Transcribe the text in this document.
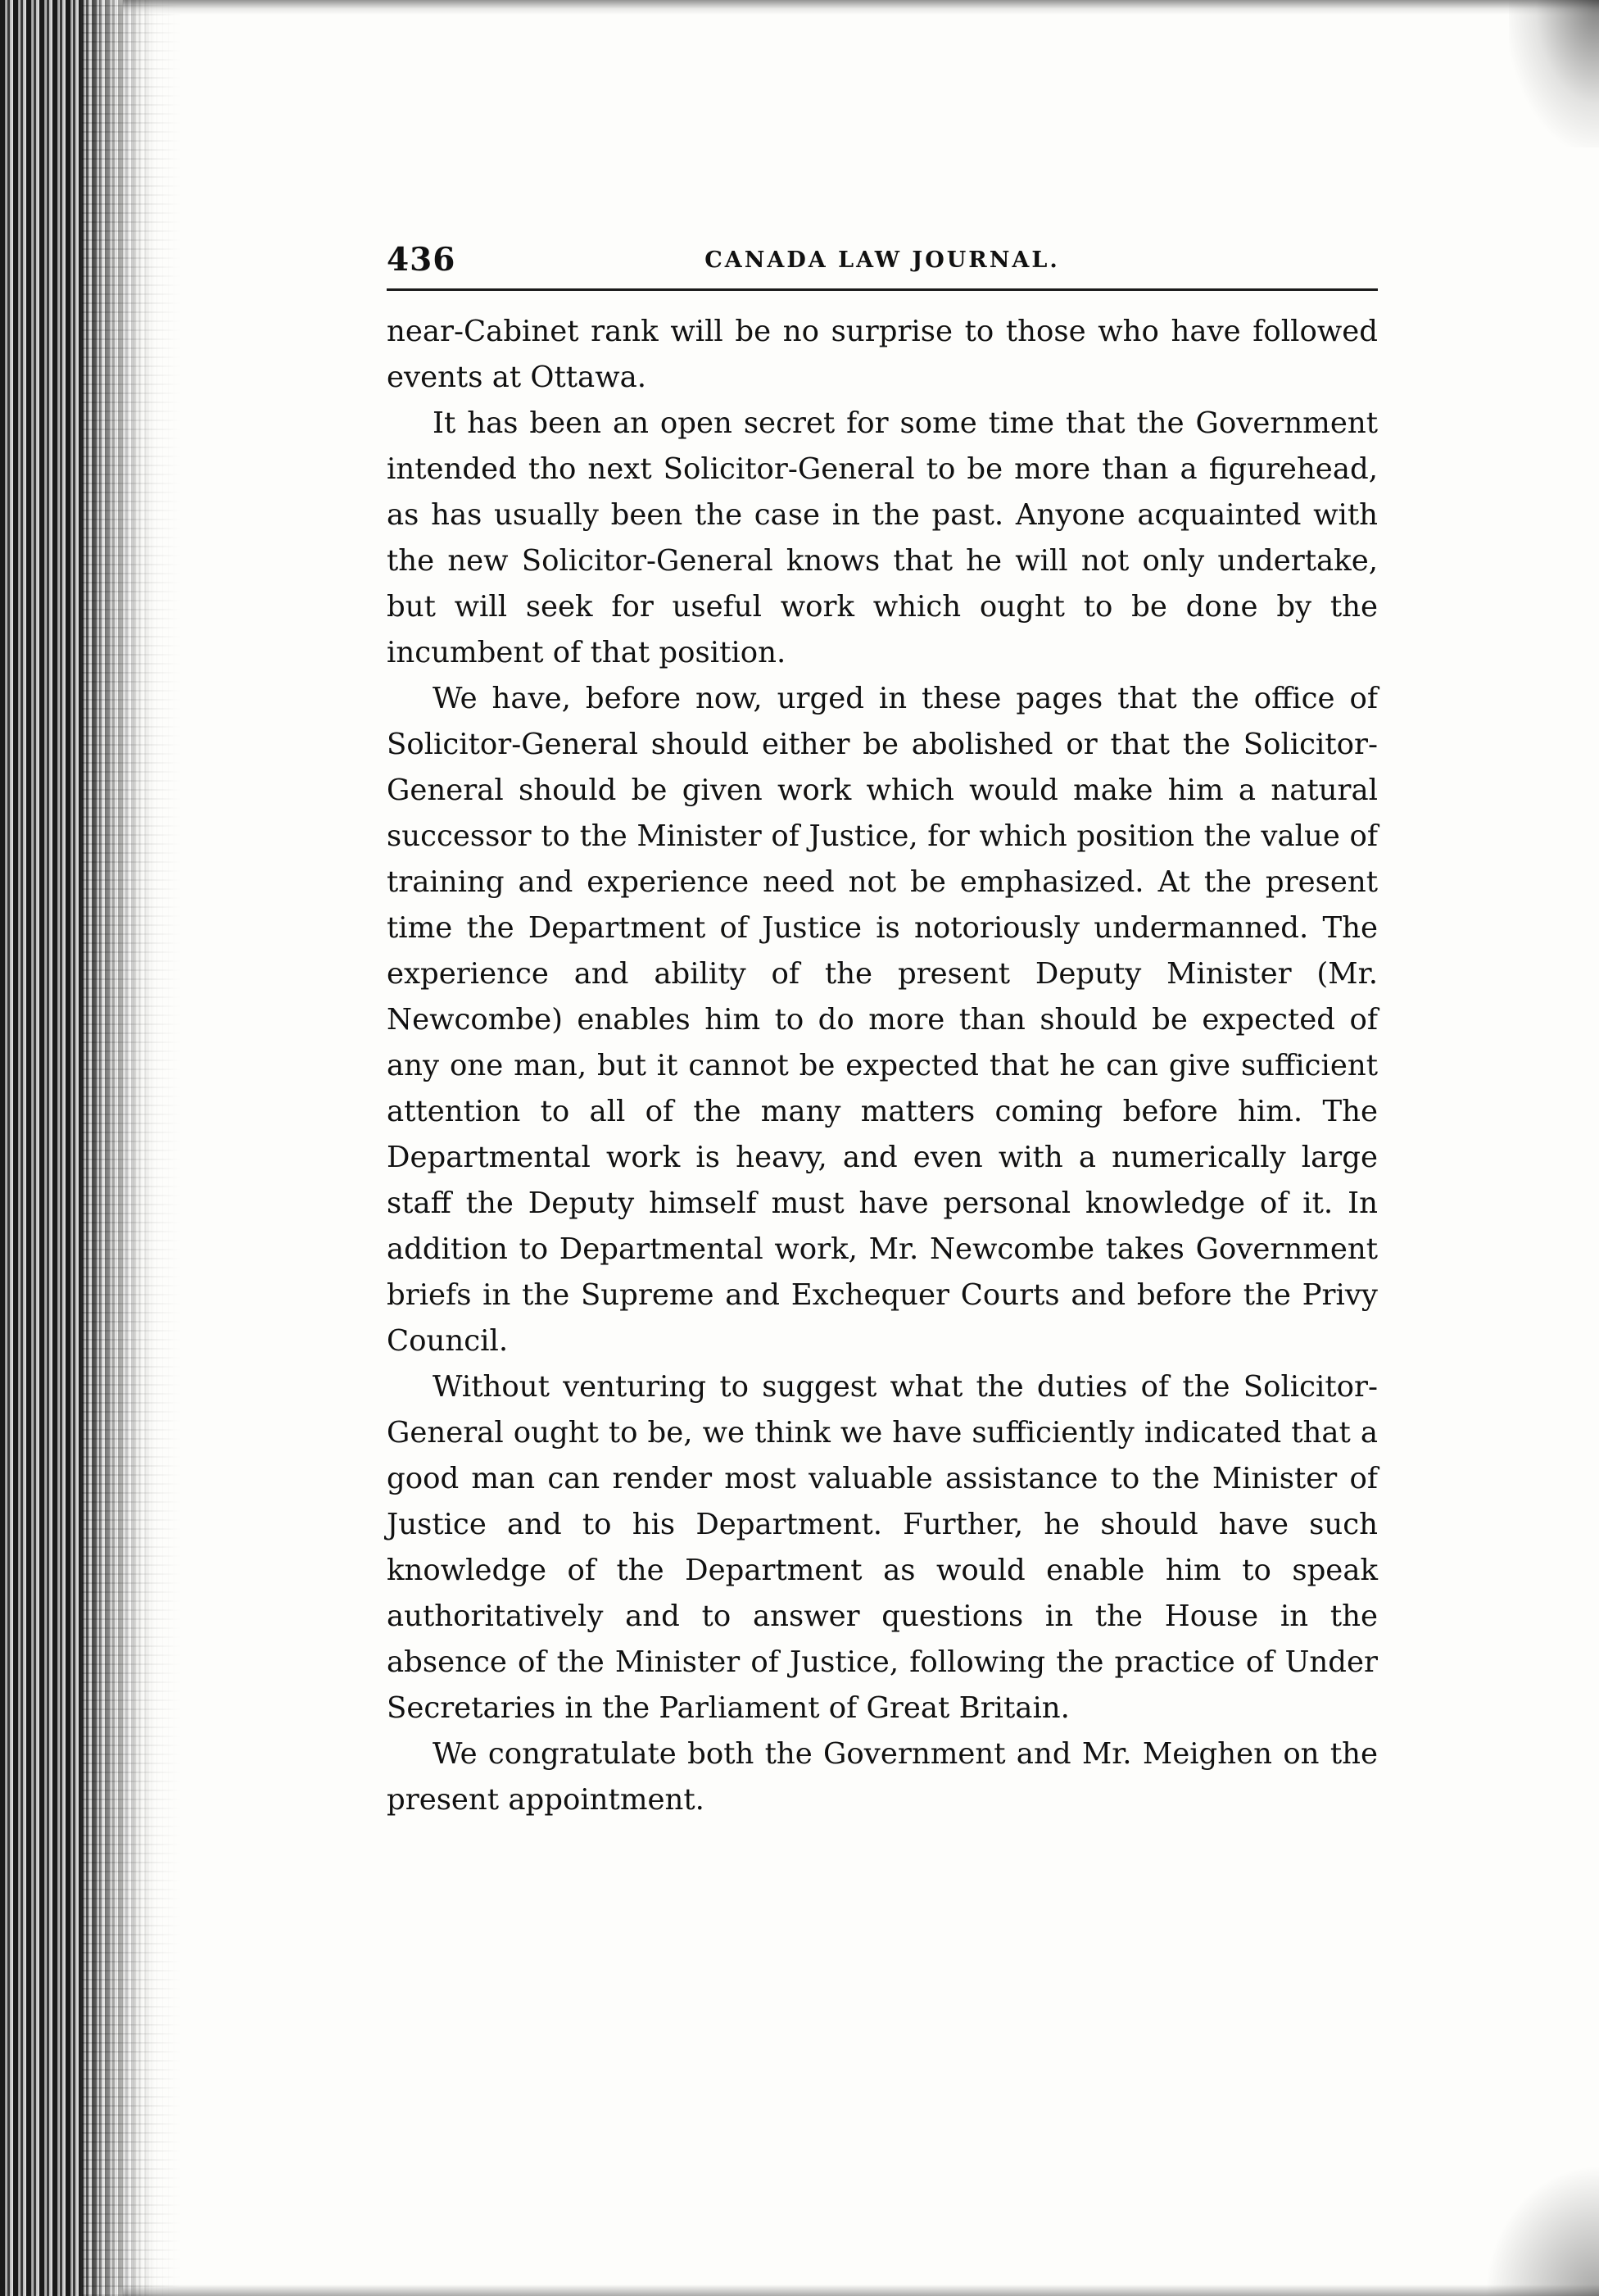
436	CANADA LAW JOURNAL.

near-Cabinet rank will be no surprise to those who have followed events at Ottawa.

It has been an open secret for some time that the Government intended tho next Solicitor-General to be more than a figurehead, as has usually been the case in the past. Anyone acquainted with the new Solicitor-General knows that he will not only undertake, but will seek for useful work which ought to be done by the incumbent of that position.

We have, before now, urged in these pages that the office of Solicitor-General should either be abolished or that the Solicitor-General should be given work which would make him a natural successor to the Minister of Justice, for which position the value of training and experience need not be emphasized. At the present time the Department of Justice is notoriously undermanned. The experience and ability of the present Deputy Minister (Mr. Newcombe) enables him to do more than should be expected of any one man, but it cannot be expected that he can give sufficient attention to all of the many matters coming before him. The Departmental work is heavy, and even with a numerically large staff the Deputy himself must have personal knowledge of it. In addition to Departmental work, Mr. Newcombe takes Government briefs in the Supreme and Exchequer Courts and before the Privy Council.

Without venturing to suggest what the duties of the Solicitor-General ought to be, we think we have sufficiently indicated that a good man can render most valuable assistance to the Minister of Justice and to his Department. Further, he should have such knowledge of the Department as would enable him to speak authoritatively and to answer questions in the House in the absence of the Minister of Justice, following the practice of Under Secretaries in the Parliament of Great Britain.

We congratulate both the Government and Mr. Meighen on the present appointment.
